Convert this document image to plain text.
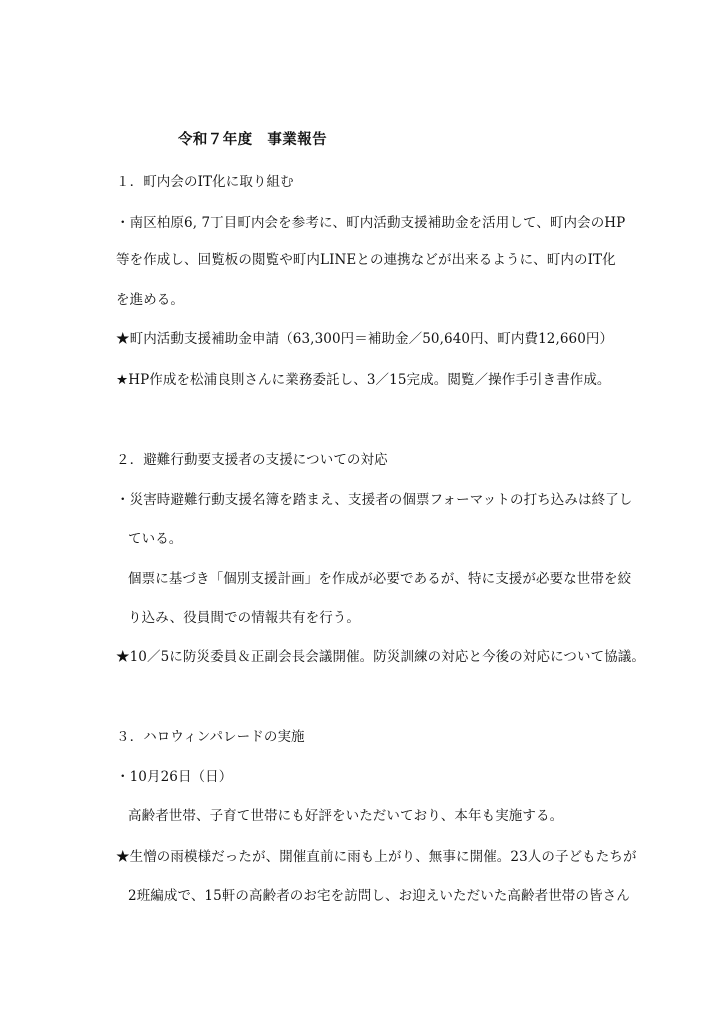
令和７年度　事業報告
１．町内会のIT化に取り組む
・南区柏原6, 7丁目町内会を参考に、町内活動支援補助金を活用して、町内会のHP
等を作成し、回覧板の閲覧や町内LINEとの連携などが出来るように、町内のIT化
を進める。
★町内活動支援補助金申請（63,300円＝補助金／50,640円、町内費12,660円）
★HP作成を松浦良則さんに業務委託し、3／15完成。閲覧／操作手引き書作成。
２．避難行動要支援者の支援についての対応
・災害時避難行動支援名簿を踏まえ、支援者の個票フォーマットの打ち込みは終了し
ている。
個票に基づき「個別支援計画」を作成が必要であるが、特に支援が必要な世帯を絞
り込み、役員間での情報共有を行う。
★10／5に防災委員＆正副会長会議開催。防災訓練の対応と今後の対応について協議。
３．ハロウィンパレードの実施
・10月26日（日）
高齢者世帯、子育て世帯にも好評をいただいており、本年も実施する。
★生憎の雨模様だったが、開催直前に雨も上がり、無事に開催。23人の子どもたちが
2班編成で、15軒の高齢者のお宅を訪問し、お迎えいただいた高齢者世帯の皆さん
